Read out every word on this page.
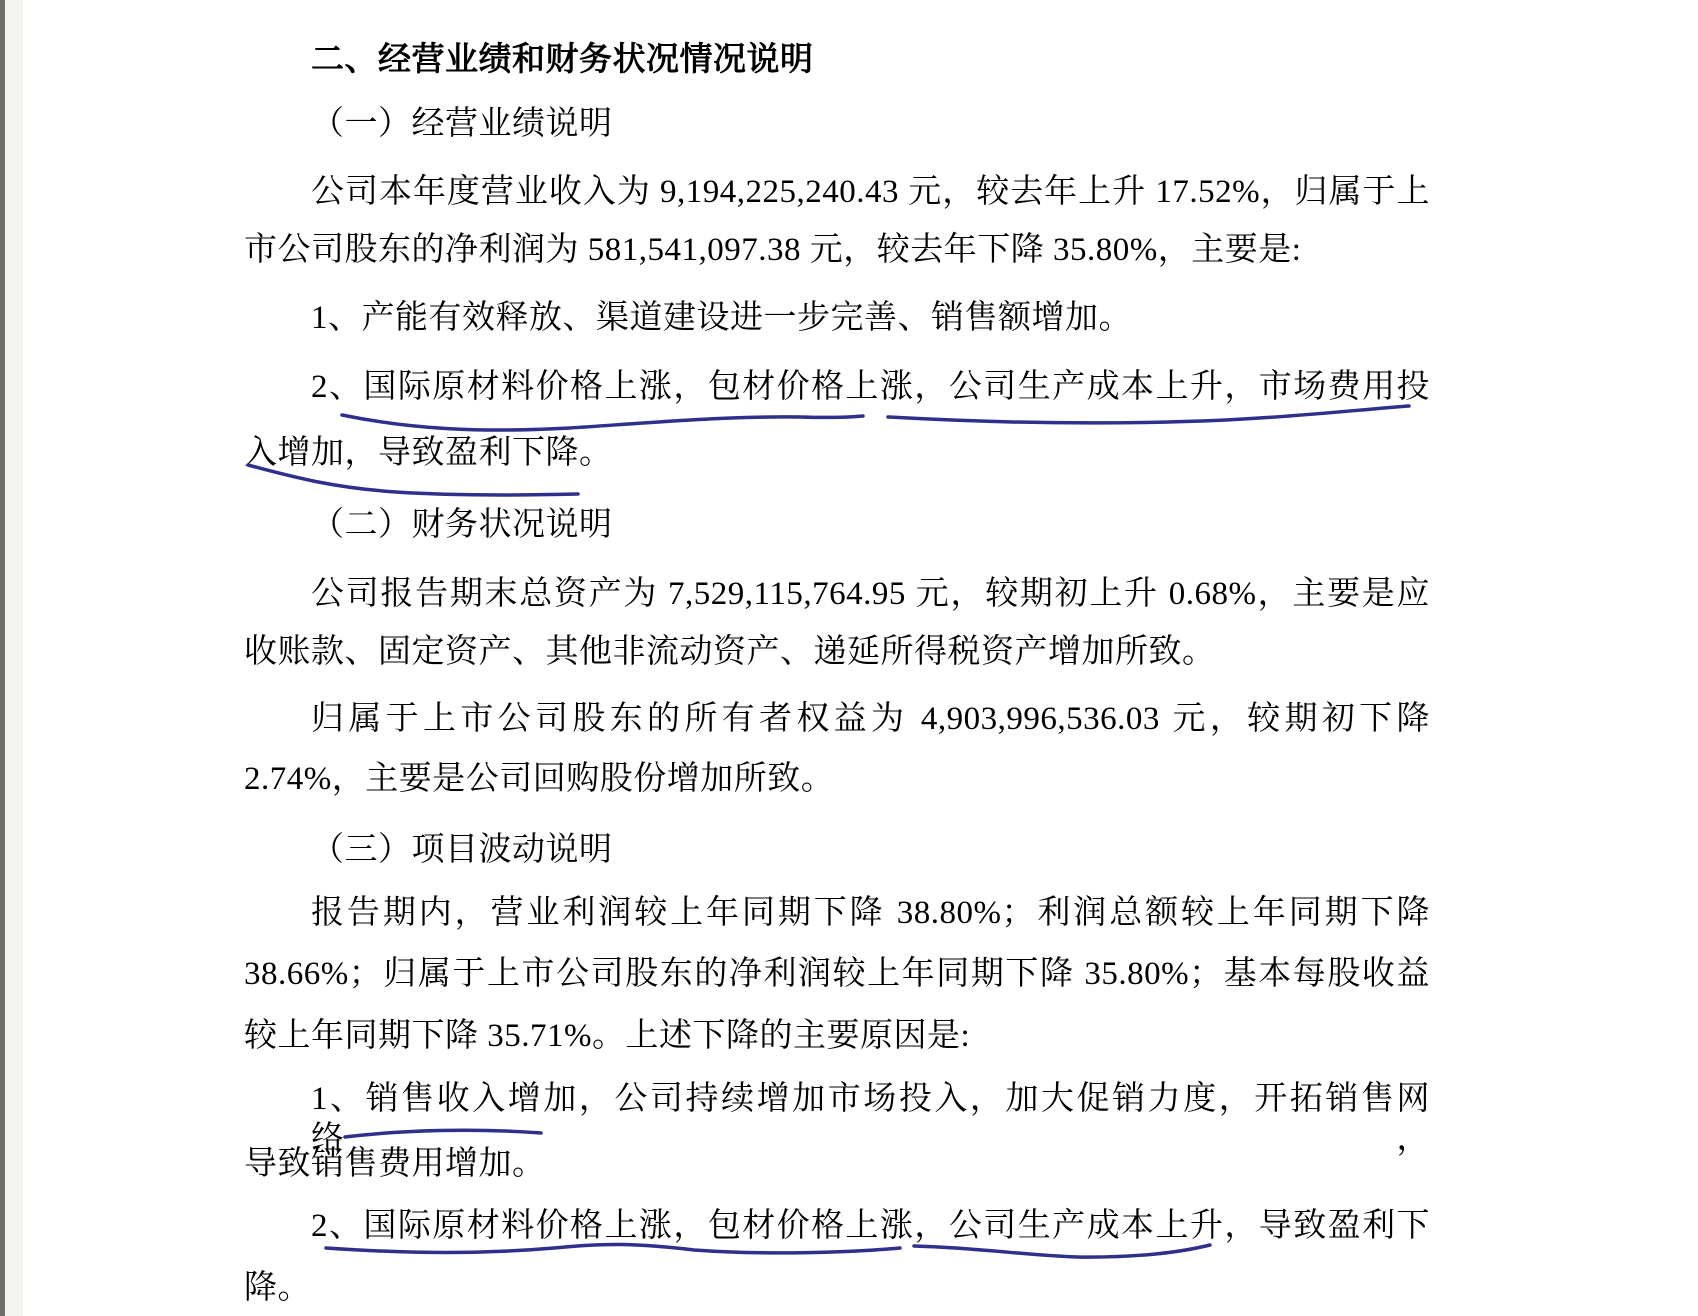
二、经营业绩和财务状况情况说明
（一）经营业绩说明
公司本年度营业收入为 9,194,225,240.43 元，较去年上升 17.52%，归属于上
市公司股东的净利润为 581,541,097.38 元，较去年下降 35.80%，主要是:
1、产能有效释放、渠道建设进一步完善、销售额增加。
2、国际原材料价格上涨，包材价格上涨，公司生产成本上升，市场费用投
入增加，导致盈利下降。
（二）财务状况说明
公司报告期末总资产为 7,529,115,764.95 元，较期初上升 0.68%，主要是应
收账款、固定资产、其他非流动资产、递延所得税资产增加所致。
归属于上市公司股东的所有者权益为 4,903,996,536.03 元，较期初下降
2.74%，主要是公司回购股份增加所致。
（三）项目波动说明
报告期内，营业利润较上年同期下降 38.80%；利润总额较上年同期下降
38.66%；归属于上市公司股东的净利润较上年同期下降 35.80%；基本每股收益
较上年同期下降 35.71%。上述下降的主要原因是:
1、销售收入增加，公司持续增加市场投入，加大促销力度，开拓销售网络，
导致销售费用增加。
2、国际原材料价格上涨，包材价格上涨，公司生产成本上升，导致盈利下
降。
